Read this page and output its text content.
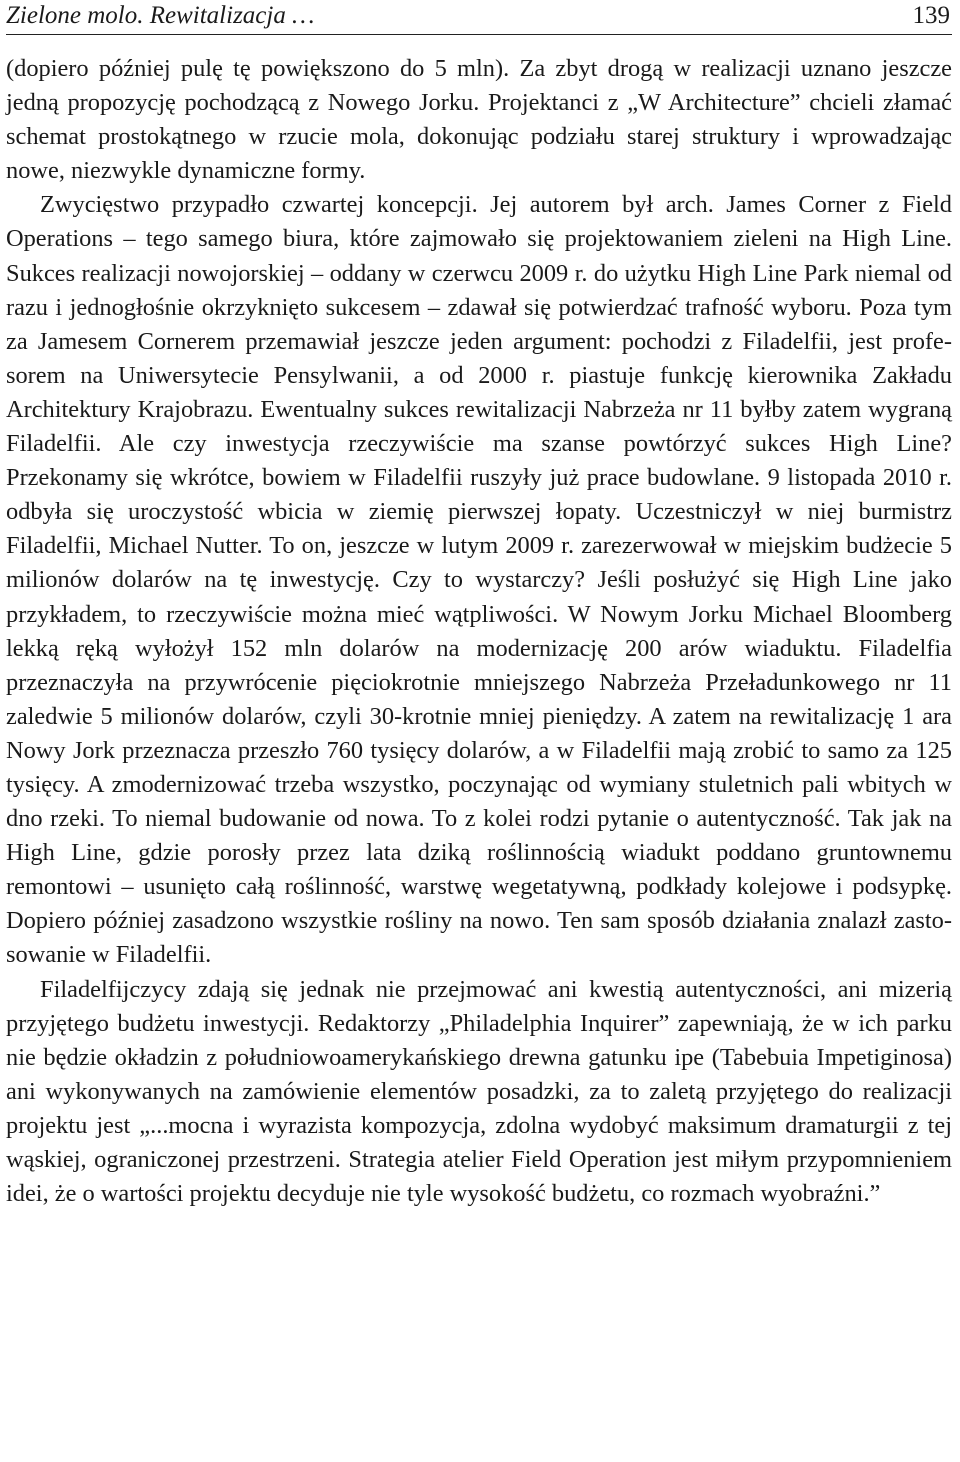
Zielone molo. Rewitalizacja …	139

(dopiero później pulę tę powiększono do 5 mln). Za zbyt drogą w realizacji uznano jeszcze jedną propozycję pochodzącą z Nowego Jorku. Projektanci z „W Architecture” chcieli złamać schemat prostokątnego w rzucie mola, dokonując podziału starej struktury i wprowadzając nowe, niezwykle dynamiczne formy.

Zwycięstwo przypadło czwartej koncepcji. Jej autorem był arch. James Corner z Field Operations – tego samego biura, które zajmowało się projektowaniem zieleni na High Line. Sukces realizacji nowojorskiej – oddany w czerwcu 2009 r. do użytku High Line Park niemal od razu i jednogłośnie okrzyknięto sukcesem – zdawał się potwierdzać trafność wyboru. Poza tym za Jamesem Cornerem przemawiał jeszcze jeden argument: pochodzi z Filadelfii, jest profesorem na Uniwersytecie Pensylwanii, a od 2000 r. piastuje funkcję kierownika Zakładu Architektury Krajobrazu. Ewentualny sukces rewitalizacji Nabrzeża nr 11 byłby zatem wygraną Filadelfii. Ale czy inwestycja rzeczywiście ma szanse powtórzyć sukces High Line? Przekonamy się wkrótce, bowiem w Filadelfii ruszyły już prace budowlane. 9 listopada 2010 r. odbyła się uroczystość wbicia w ziemię pierwszej łopaty. Uczestniczył w niej burmistrz Filadelfii, Michael Nutter. To on, jeszcze w lutym 2009 r. zarezerwował w miejskim budżecie 5 milionów dolarów na tę inwestycję. Czy to wystarczy? Jeśli posłużyć się High Line jako przykładem, to rzeczywiście można mieć wątpliwości. W Nowym Jorku Michael Bloomberg lekką ręką wyłożył 152 mln dolarów na modernizację 200 arów wiaduktu. Filadelfia przeznaczyła na przywrócenie pięciokrotnie mniejszego Nabrzeża Przeładunkowego nr 11 zaledwie 5 milionów dolarów, czyli 30-krotnie mniej pieniędzy. A zatem na rewitalizację 1 ara Nowy Jork przeznacza przeszło 760 tysięcy dolarów, a w Filadelfii mają zrobić to samo za 125 tysięcy. A zmodernizować trzeba wszystko, poczynając od wymiany stuletnich pali wbitych w dno rzeki. To niemal budowanie od nowa. To z kolei rodzi pytanie o autentyczność. Tak jak na High Line, gdzie porosły przez lata dziką roślinnością wiadukt poddano gruntownemu remontowi – usunięto całą roślinność, warstwę wegetatywną, podkłady kolejowe i podsypkę. Dopiero później zasadzono wszystkie rośliny na nowo. Ten sam sposób działania znalazł zastosowanie w Filadelfii.

Filadelfijczycy zdają się jednak nie przejmować ani kwestią autentyczności, ani mizerią przyjętego budżetu inwestycji. Redaktorzy „Philadelphia Inquirer” zapewniają, że w ich parku nie będzie okładzin z południowoamerykańskiego drewna gatunku ipe (Tabebuia Impetiginosa) ani wykonywanych na zamówienie elementów posadzki, za to zaletą przyjętego do realizacji projektu jest „...mocna i wyrazista kompozycja, zdolna wydobyć maksimum dramaturgii z tej wąskiej, ograniczonej przestrzeni. Strategia atelier Field Operation jest miłym przypomnieniem idei, że o wartości projektu decyduje nie tyle wysokość budżetu, co rozmach wyobraźni.”
